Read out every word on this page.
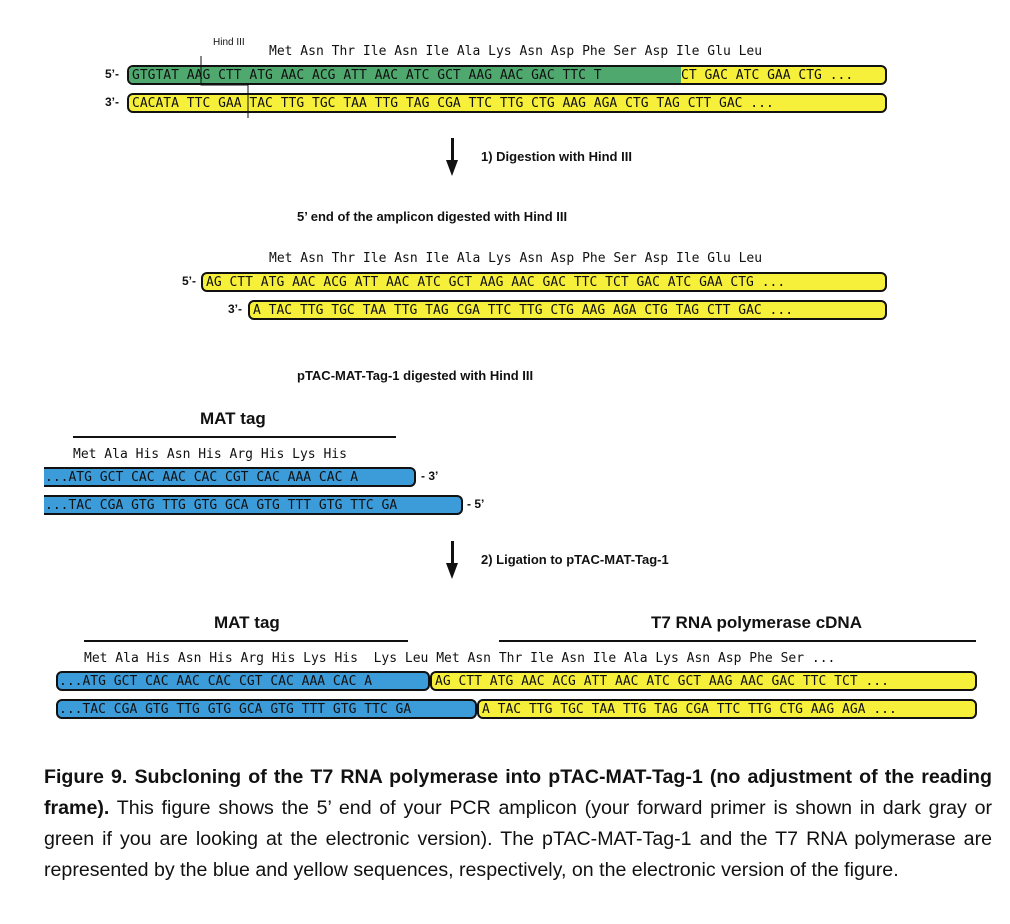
Hind III
Met Asn Thr Ile Asn Ile Ala Lys Asn Asp Phe Ser Asp Ile Glu Leu
5’- GTGTAT AAG CTT ATG AAC ACG ATT AAC ATC GCT AAG AAC GAC TTC T	CT GAC ATC GAA CTG ...
3’- CACATA TTC GAA TAC TTG TGC TAA TTG TAG CGA TTC TTG CTG AAG AGA CTG TAG CTT GAC ...
1) Digestion with Hind III
5’ end of the amplicon digested with Hind III
Met Asn Thr Ile Asn Ile Ala Lys Asn Asp Phe Ser Asp Ile Glu Leu
5’- AG CTT ATG AAC ACG ATT AAC ATC GCT AAG AAC GAC TTC TCT GAC ATC GAA CTG ...
3’- A TAC TTG TGC TAA TTG TAG CGA TTC TTG CTG AAG AGA CTG TAG CTT GAC ...
pTAC-MAT-Tag-1 digested with Hind III
MAT tag
Met Ala His Asn His Arg His Lys His
...ATG GCT CAC AAC CAC CGT CAC AAA CAC A	- 3’
...TAC CGA GTG TTG GTG GCA GTG TTT GTG TTC GA	- 5’
2) Ligation to pTAC-MAT-Tag-1
MAT tag	T7 RNA polymerase cDNA
Met Ala His Asn His Arg His Lys His  Lys Leu Met Asn Thr Ile Asn Ile Ala Lys Asn Asp Phe Ser ...
...ATG GCT CAC AAC CAC CGT CAC AAA CAC A	AG CTT ATG AAC ACG ATT AAC ATC GCT AAG AAC GAC TTC TCT ...
...TAC CGA GTG TTG GTG GCA GTG TTT GTG TTC GA	A TAC TTG TGC TAA TTG TAG CGA TTC TTG CTG AAG AGA ...
Figure 9. Subcloning of the T7 RNA polymerase into pTAC-MAT-Tag-1 (no adjustment of the reading frame). This figure shows the 5’ end of your PCR amplicon (your forward primer is shown in dark gray or green if you are looking at the electronic version). The pTAC-MAT-Tag-1 and the T7 RNA polymerase are represented by the blue and yellow sequences, respectively, on the electronic version of the figure.
